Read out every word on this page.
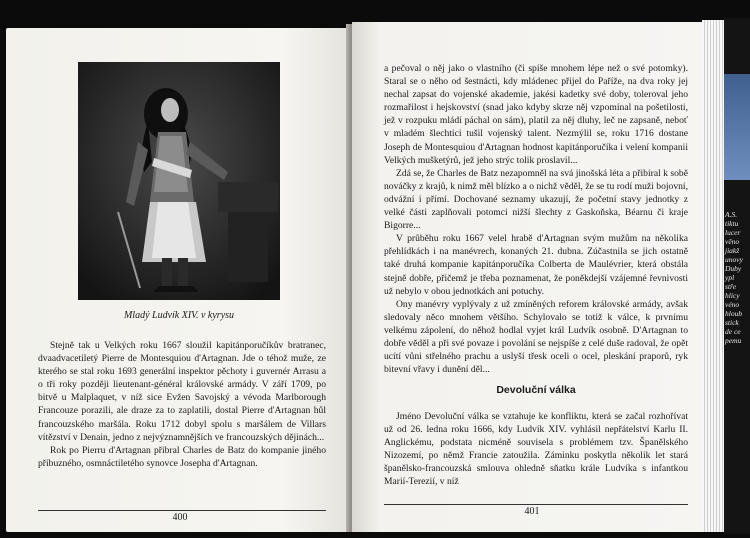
Mladý Ludvík XIV. v kyrysu

Stejně tak u Velkých roku 1667 sloužil kapitánporučíkův bratranec, dvaadvacetiletý Pierre de Montesquiou d'Artagnan. Jde o téhož muže, ze kterého se stal roku 1693 generální inspektor pěchoty i guvernér Arrasu a o tři roky později lieutenant-général královské armády. V září 1709, po bitvě u Malplaquet, v níž sice Evžen Savojský a vévoda Marlborough Francouze porazili, ale draze za to zaplatili, dostal Pierre d'Artagnan hůl francouzského maršála. Roku 1712 dobyl spolu s maršálem de Villars vítězství v Denain, jedno z nejvýznamnějších ve francouzských dějinách...

Rok po Pierru d'Artagnan přibral Charles de Batz do kompanie jiného příbuzného, osmnáctiletého synovce Josepha d'Artagnan.

400

a pečoval o něj jako o vlastního (či spíše mnohem lépe než o své potomky). Staral se o něho od šestnácti, kdy mládenec přijel do Paříže, na dva roky jej nechal zapsat do vojenské akademie, jakési kadetky své doby, toleroval jeho rozmařilost i hejskovství (snad jako kdyby skrze něj vzpomínal na pošetilosti, jež v rozpuku mládí páchal on sám), platil za něj dluhy, leč ne zapsaně, neboť v mladém šlechtici tušil vojenský talent. Nezmýlil se, roku 1716 dostane Joseph de Montesquiou d'Artagnan hodnost kapitánporučíka i velení kompanii Velkých mušketýrů, jež jeho strýc tolik proslavil...

Zdá se, že Charles de Batz nezapomněl na svá jinošská léta a přibíral k sobě nováčky z krajů, k nimž měl blízko a o nichž věděl, že se tu rodí muži bojovní, odvážní i přímí. Dochované seznamy ukazují, že početní stavy jednotky z velké části zaplňovali potomci nižší šlechty z Gaskoňska, Béarnu či kraje Bigorre...

V průběhu roku 1667 velel hrabě d'Artagnan svým mužům na několika přehlídkách i na manévrech, konaných 21. dubna. Zúčastnila se jich ostatně také druhá kompanie kapitánporučíka Colberta de Maulévrier, která obstála stejně dobře, přičemž je třeba poznamenat, že poněkdejší vzájemné řevnivosti už nebylo v obou jednotkách ani potuchy.

Ony manévry vyplývaly z už zmíněných reforem královské armády, avšak sledovaly něco mnohem většího. Schylovalo se totiž k válce, k prvnímu velkému zápolení, do něhož hodlal vyjet král Ludvík osobně. D'Artagnan to dobře věděl a při své povaze i povolání se nejspíše z celé duše radoval, že opět ucítí vůni střelného prachu a uslyší třesk oceli o ocel, pleskání praporů, ryk bitevní vřavy i dunění děl...

Devoluční válka

Jméno Devoluční válka se vztahuje ke konfliktu, která se začal rozhořívat už od 26. ledna roku 1666, kdy Ludvík XIV. vyhlásil nepřátelství Karlu II. Anglickému, podstata nicméně souvisela s problémem tzv. Španělského Nizozemí, po němž Francie zatoužila. Záminku poskytla několik let stará španělsko-francouzská smlouva ohledně sňatku krále Ludvíka s infantkou Marií-Terezií, v níž

401
A.S.
tiktu
lucer
věno
jiakž
unovy
Duby
ypl
stře
hlicy
véno
hloub
stick
de ce
pemu
